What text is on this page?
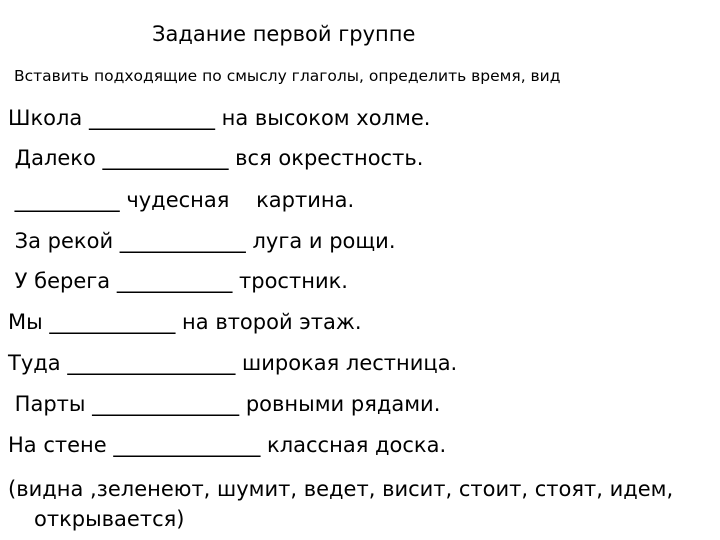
Задание первой группе
Вставить подходящие по смыслу глаголы, определить время, вид
Школа ____________ на высоком холме.
Далеко ____________ вся окрестность.
__________ чудесная    картина.
За рекой ____________ луга и рощи.
У берега ___________ тростник.
Мы ____________ на второй этаж.
Туда ________________ широкая лестница.
Парты ______________ ровными рядами.
На стене ______________ классная доска.
(видна ,зеленеют, шумит, ведет, висит, стоит, стоят, идем, открывается)
